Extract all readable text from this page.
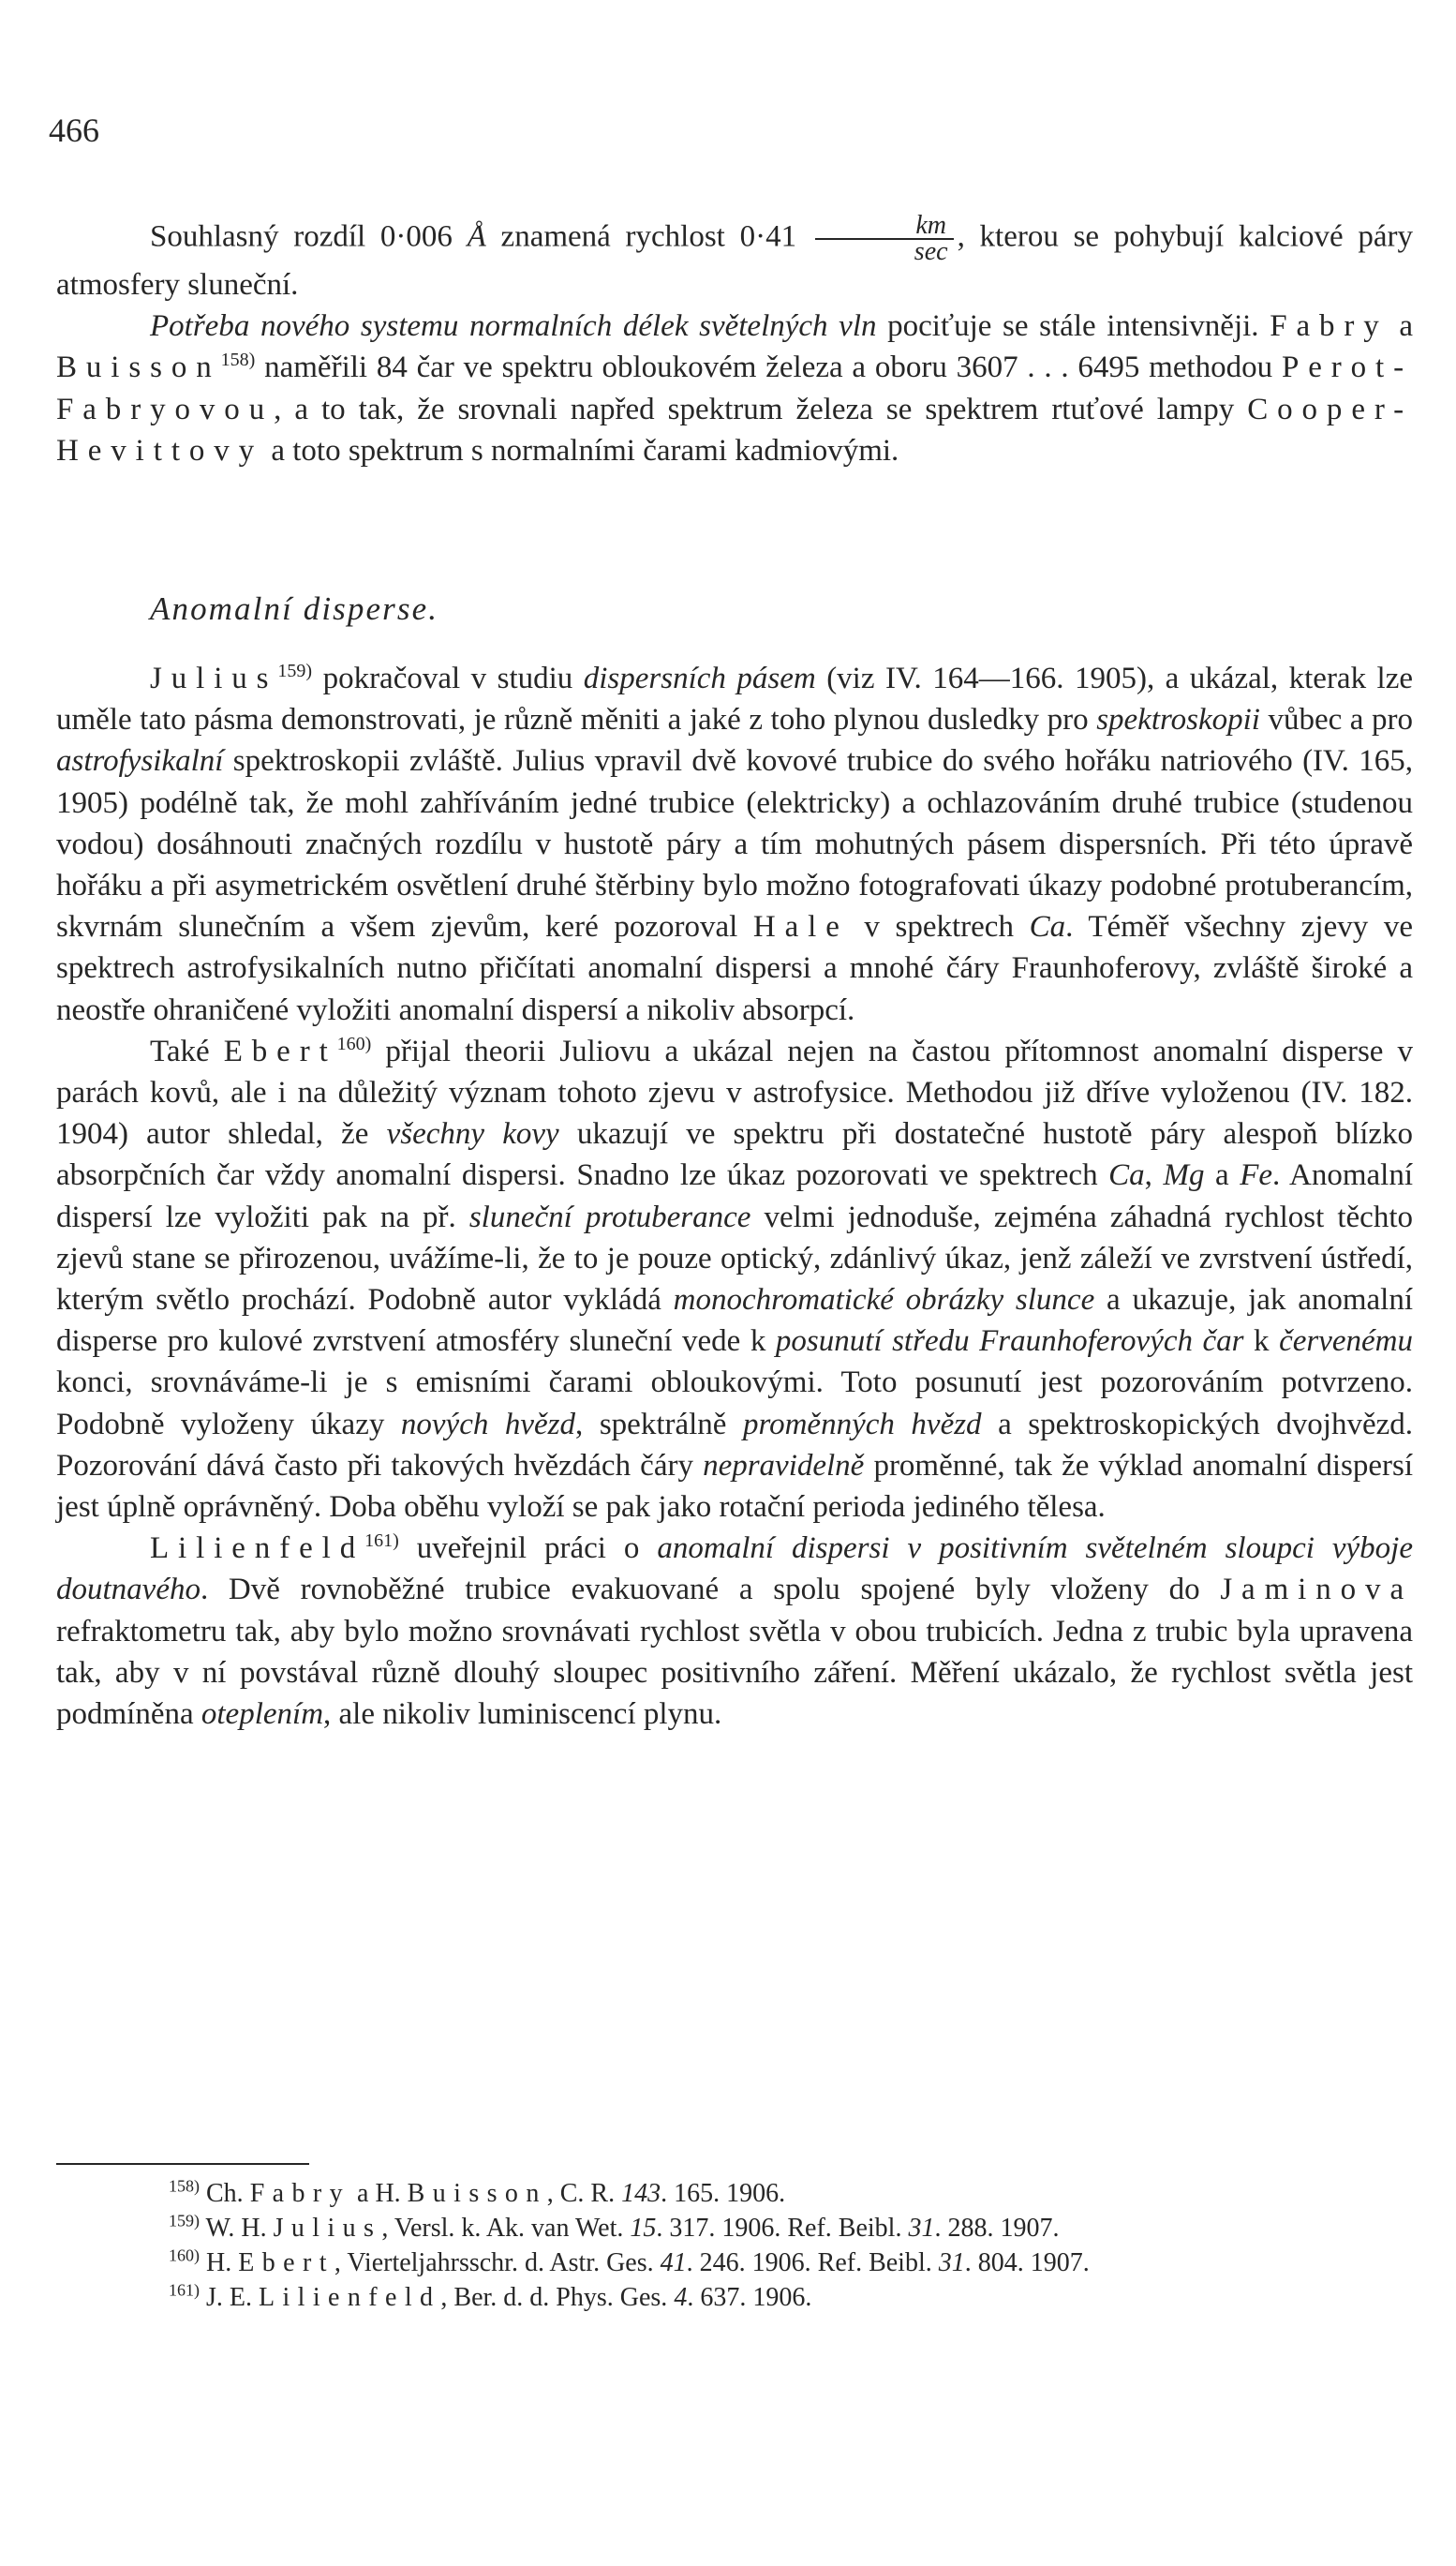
466

Souhlasný rozdíl 0·006 Å znamená rychlost $0\cdot 41 \frac{km}{\sec}$ , kterou se pohybují kalciové páry atmosfery sluneční.

Potřeba nového systemu normalních délek světelných vln pociťuje se stále intensivněji. Fabry a Buisson$^{158)}$ naměřili 84 čar ve spektru obloukovém železa a oboru 3607 . . . 6495 methodou Perot-Fabryovou, a to tak, že srovnali napřed spektrum železa se spektrem rtuťové lampy Cooper-Hevittovy a toto spektrum s normalními čarami kadmiovými.

Anomalní disperse.

Julius$^{159)}$ pokračoval v studiu dispersních pásem (viz IV. 164—166. 1905), a ukázal, kterak lze uměle tato pásma demonstrovati, je různě měniti a jaké z toho plynou dusledky pro spektroskopii vůbec a pro astrofysikalní spektroskopii zvláště. Julius vpravil dvě kovové trubice do svého hořáku natriového (IV. 165, 1905) podélně tak, že mohl zahříváním jedné trubice (elektricky) a ochlazováním druhé trubice (studenou vodou) dosáhnouti značných rozdílu v hustotě páry a tím mohutných pásem dispersních. Při této úpravě hořáku a při asymetrickém osvětlení druhé štěrbiny bylo možno fotografovati úkazy podobné protuberancím, skvrnám slunečním a všem zjevům, keré pozoroval Hale v spektrech Ca. Téměř všechny zjevy ve spektrech astrofysikalních nutno přičítati anomalní dispersi a mnohé čáry Fraunhoferovy, zvláště široké a neostře ohraničené vyložiti anomalní dispersí a nikoliv absorpcí.

Také Ebert$^{160)}$ přijal theorii Juliovu a ukázal nejen na častou přítomnost anomalní disperse v parách kovů, ale i na důležitý význam tohoto zjevu v astrofysice. Methodou již dříve vyloženou (IV. 182. 1904) autor shledal, že všechny kovy ukazují ve spektru při dostatečné hustotě páry alespoň blízko absorpčních čar vždy anomalní dispersi. Snadno lze úkaz pozorovati ve spektrech Ca, Mg a Fe. Anomalní dispersí lze vyložiti pak na př. sluneční protuberance velmi jednoduše, zejména záhadná rychlost těchto zjevů stane se přirozenou, uvážíme-li, že to je pouze optický, zdánlivý úkaz, jenž záleží ve zvrstvení ústředí, kterým světlo prochází. Podobně autor vykládá monochromatické obrázky slunce a ukazuje, jak anomalní disperse pro kulové zvrstvení atmosféry sluneční vede k posunutí středu Fraunhoferových čar k červenému konci, srovnáváme-li je s emisními čarami obloukovými. Toto posunutí jest pozorováním potvrzeno. Podobně vyloženy úkazy nových hvězd, spektrálně proměnných hvězd a spektroskopických dvojhvězd. Pozorování dává často při takových hvězdách čáry nepravidelně proměnné, tak že výklad anomalní dispersí jest úplně oprávněný. Doba oběhu vyloží se pak jako rotační perioda jediného tělesa.

Lilienfeld$^{161)}$ uveřejnil práci o anomalní dispersi v positivním světelném sloupci výboje doutnavého. Dvě rovnoběžné trubice evakuované a spolu spojené byly vloženy do Jaminova refraktometru tak, aby bylo možno srovnávati rychlost světla v obou trubicích. Jedna z trubic byla upravena tak, aby v ní povstával různě dlouhý sloupec positivního záření. Měření ukázalo, že rychlost světla jest podmíněna oteplením, ale nikoliv luminiscencí plynu.

$^{158)}$ Ch. Fabry a H. Buisson, C. R. 143. 165. 1906.

$^{159)}$ W. H. Julius, Versl. k. Ak. van Wet. 15. 317. 1906. Ref. Beibl. 31. 288. 1907.

$^{160)}$ H. Ebert, Vierteljahrsschr. d. Astr. Ges. 41. 246. 1906. Ref. Beibl. 31. 804. 1907.

$^{161)}$ J. E. Lilienfeld, Ber. d. d. Phys. Ges. 4. 637. 1906.
